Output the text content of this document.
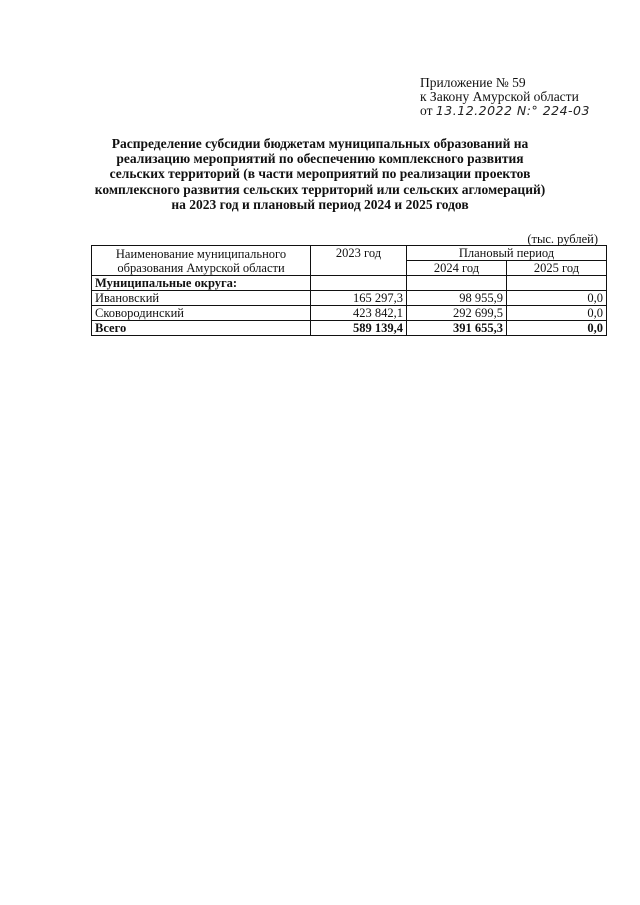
Приложение № 59
к Закону Амурской области
от 13.12.2022 N:° 224-03
Распределение субсидии бюджетам муниципальных образований на
реализацию мероприятий по обеспечению комплексного развития
сельских территорий (в части мероприятий по реализации проектов
комплексного развития сельских территорий или сельских агломераций)
на 2023 год и плановый период 2024 и 2025 годов
(тыс. рублей)
Наименование муниципального
образования Амурской области	2023 год	Плановый период	
		2024 год	2025 год
Муниципальные округа:			
Ивановский	165 297,3	98 955,9	0,0
Сковородинский	423 842,1	292 699,5	0,0
Всего	589 139,4	391 655,3	0,0
